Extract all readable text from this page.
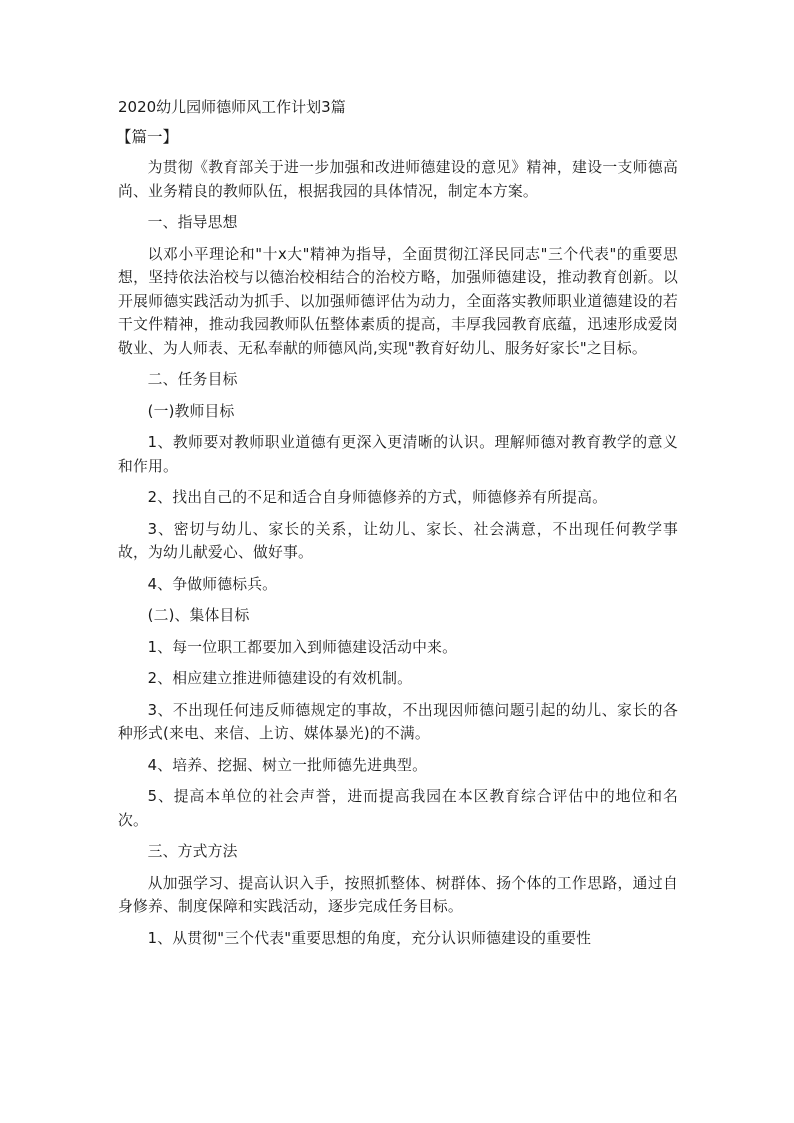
2020幼儿园师德师风工作计划3篇
【篇一】

为贯彻《教育部关于进一步加强和改进师德建设的意见》精神，建设一支师德高尚、业务精良的教师队伍，根据我园的具体情况，制定本方案。

一、指导思想

以邓小平理论和"十x大"精神为指导，全面贯彻江泽民同志"三个代表"的重要思想，坚持依法治校与以德治校相结合的治校方略，加强师德建设，推动教育创新。以开展师德实践活动为抓手、以加强师德评估为动力，全面落实教师职业道德建设的若干文件精神，推动我园教师队伍整体素质的提高，丰厚我园教育底蕴，迅速形成爱岗敬业、为人师表、无私奉献的师德风尚,实现"教育好幼儿、服务好家长"之目标。

二、任务目标

(一)教师目标

1、教师要对教师职业道德有更深入更清晰的认识。理解师德对教育教学的意义和作用。

2、找出自己的不足和适合自身师德修养的方式，师德修养有所提高。

3、密切与幼儿、家长的关系，让幼儿、家长、社会满意，不出现任何教学事故，为幼儿献爱心、做好事。

4、争做师德标兵。

(二)、集体目标

1、每一位职工都要加入到师德建设活动中来。

2、相应建立推进师德建设的有效机制。

3、不出现任何违反师德规定的事故，不出现因师德问题引起的幼儿、家长的各种形式(来电、来信、上访、媒体暴光)的不满。

4、培养、挖掘、树立一批师德先进典型。

5、提高本单位的社会声誉，进而提高我园在本区教育综合评估中的地位和名次。

三、方式方法

从加强学习、提高认识入手，按照抓整体、树群体、扬个体的工作思路，通过自身修养、制度保障和实践活动，逐步完成任务目标。

1、从贯彻"三个代表"重要思想的角度，充分认识师德建设的重要性
